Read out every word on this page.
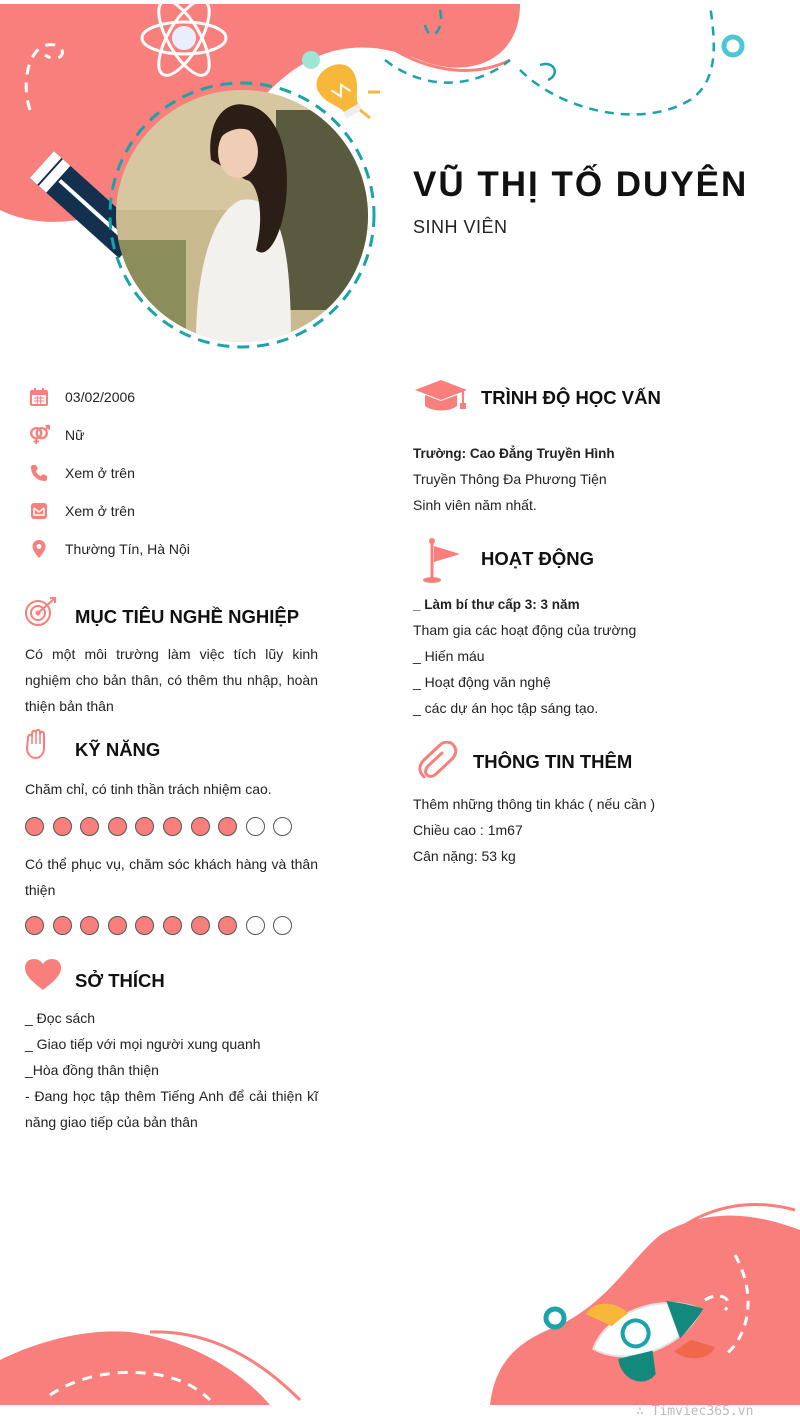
VŨ THỊ TỐ DUYÊN
SINH VIÊN
03/02/2006
Nữ
Xem ở trên
Xem ở trên
Thường Tín, Hà Nội
MỤC TIÊU NGHỀ NGHIỆP
Có một môi trường làm việc tích lũy kinh nghiệm cho bản thân, có thêm thu nhập, hoàn thiện bản thân
KỸ NĂNG
Chăm chỉ, có tinh thần trách nhiệm cao.
Có thể phục vụ, chăm sóc khách hàng và thân thiện
SỞ THÍCH
_ Đọc sách
_ Giao tiếp với mọi người xung quanh
_Hòa đồng thân thiện
- Đang học tập thêm Tiếng Anh để cải thiện kĩ năng giao tiếp của bản thân
TRÌNH ĐỘ HỌC VẤN
Trường: Cao Đẳng Truyền Hình
Truyền Thông Đa Phương Tiện
Sinh viên năm nhất.
HOẠT ĐỘNG
_ Làm bí thư cấp 3: 3 năm
Tham gia các hoạt động của trường
_ Hiến máu
_ Hoạt động văn nghệ
_ các dự án học tập sáng tạo.
THÔNG TIN THÊM
Thêm những thông tin khác ( nếu cần )
Chiều cao : 1m67
Cân nặng: 53 kg
∴ Timviec365.vn
